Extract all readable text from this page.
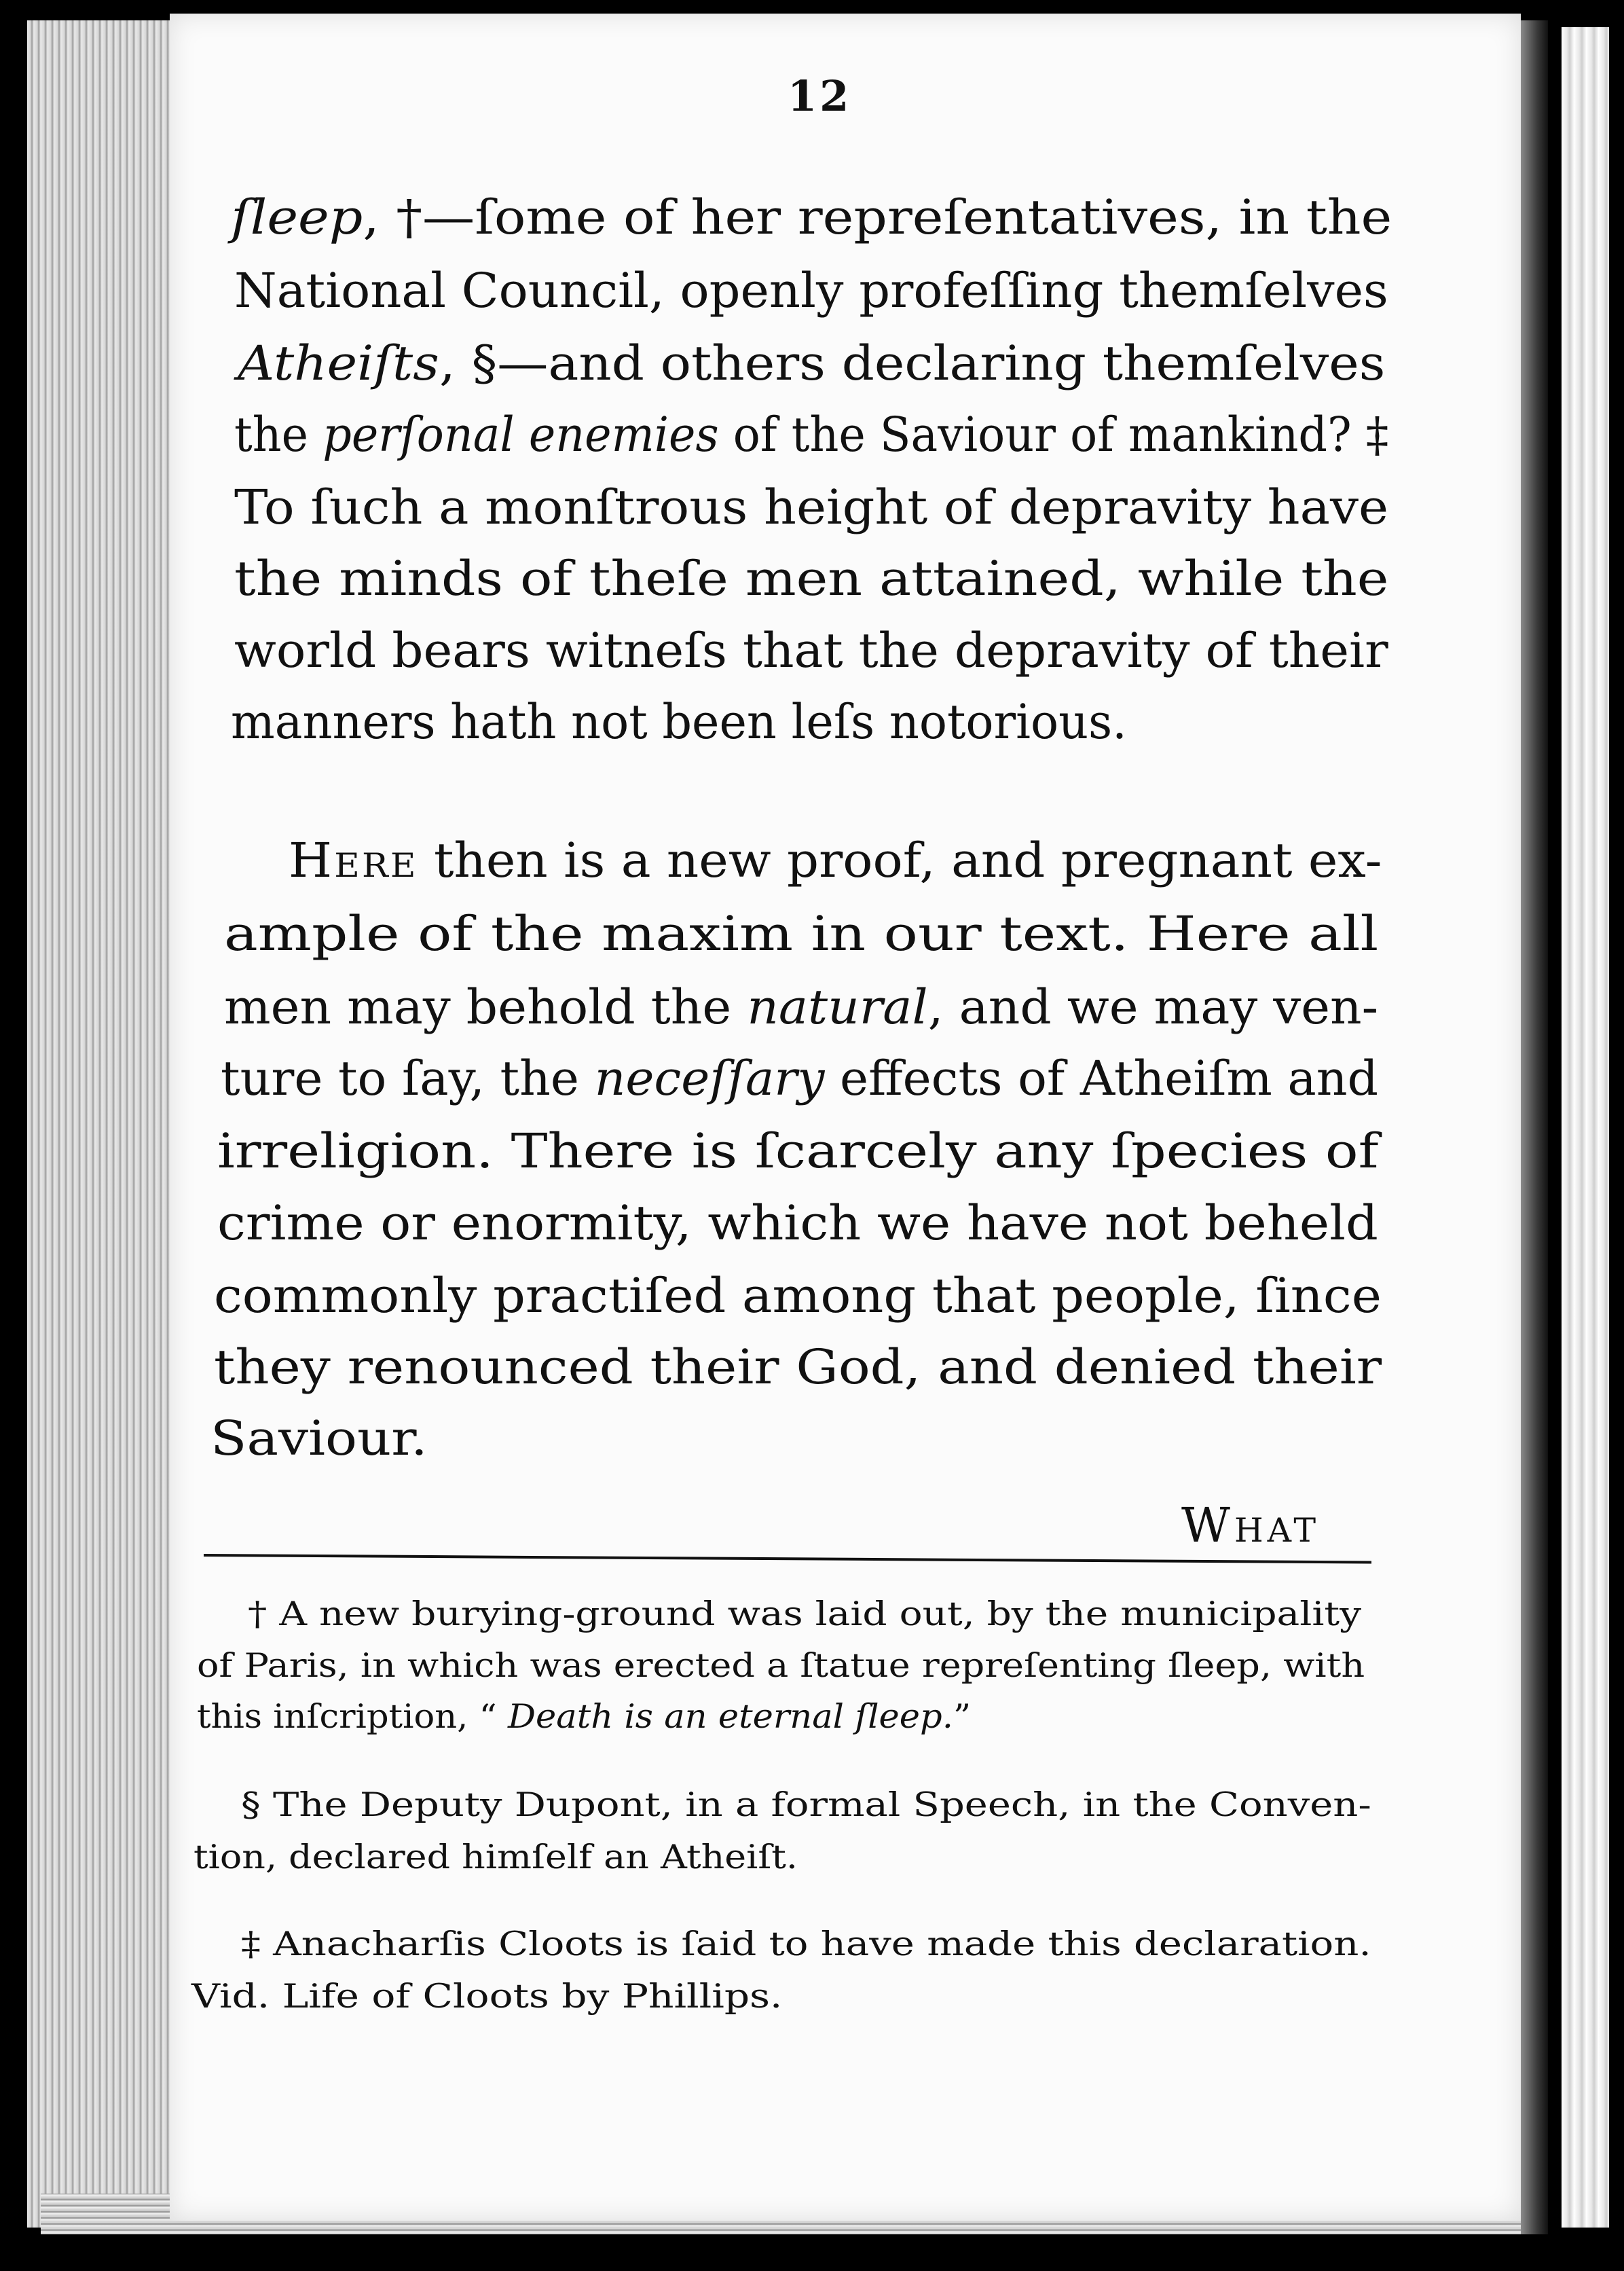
12
ſleep, †—ſome of her repreſentatives, in the
National Council, openly profeſſing themſelves
Atheiſts, §—and others declaring themſelves
the perſonal enemies of the Saviour of mankind? ‡
To ſuch a monſtrous height of depravity have
the minds of theſe men attained, while the
world bears witneſs that the depravity of their
manners hath not been leſs notorious.
Here then is a new proof, and pregnant ex-
ample of the maxim in our text. Here all
men may behold the natural, and we may ven-
ture to ſay, the neceſſary effects of Atheiſm and
irreligion. There is ſcarcely any ſpecies of
crime or enormity, which we have not beheld
commonly practiſed among that people, ſince
they renounced their God, and denied their
Saviour.
What
† A new burying-ground was laid out, by the municipality
of Paris, in which was erected a ſtatue repreſenting ſleep, with
this inſcription, “ Death is an eternal ſleep.”
§ The Deputy Dupont, in a formal Speech, in the Conven-
tion, declared himſelf an Atheiſt.
‡ Anacharſis Cloots is ſaid to have made this declaration.
Vid. Life of Cloots by Phillips.
